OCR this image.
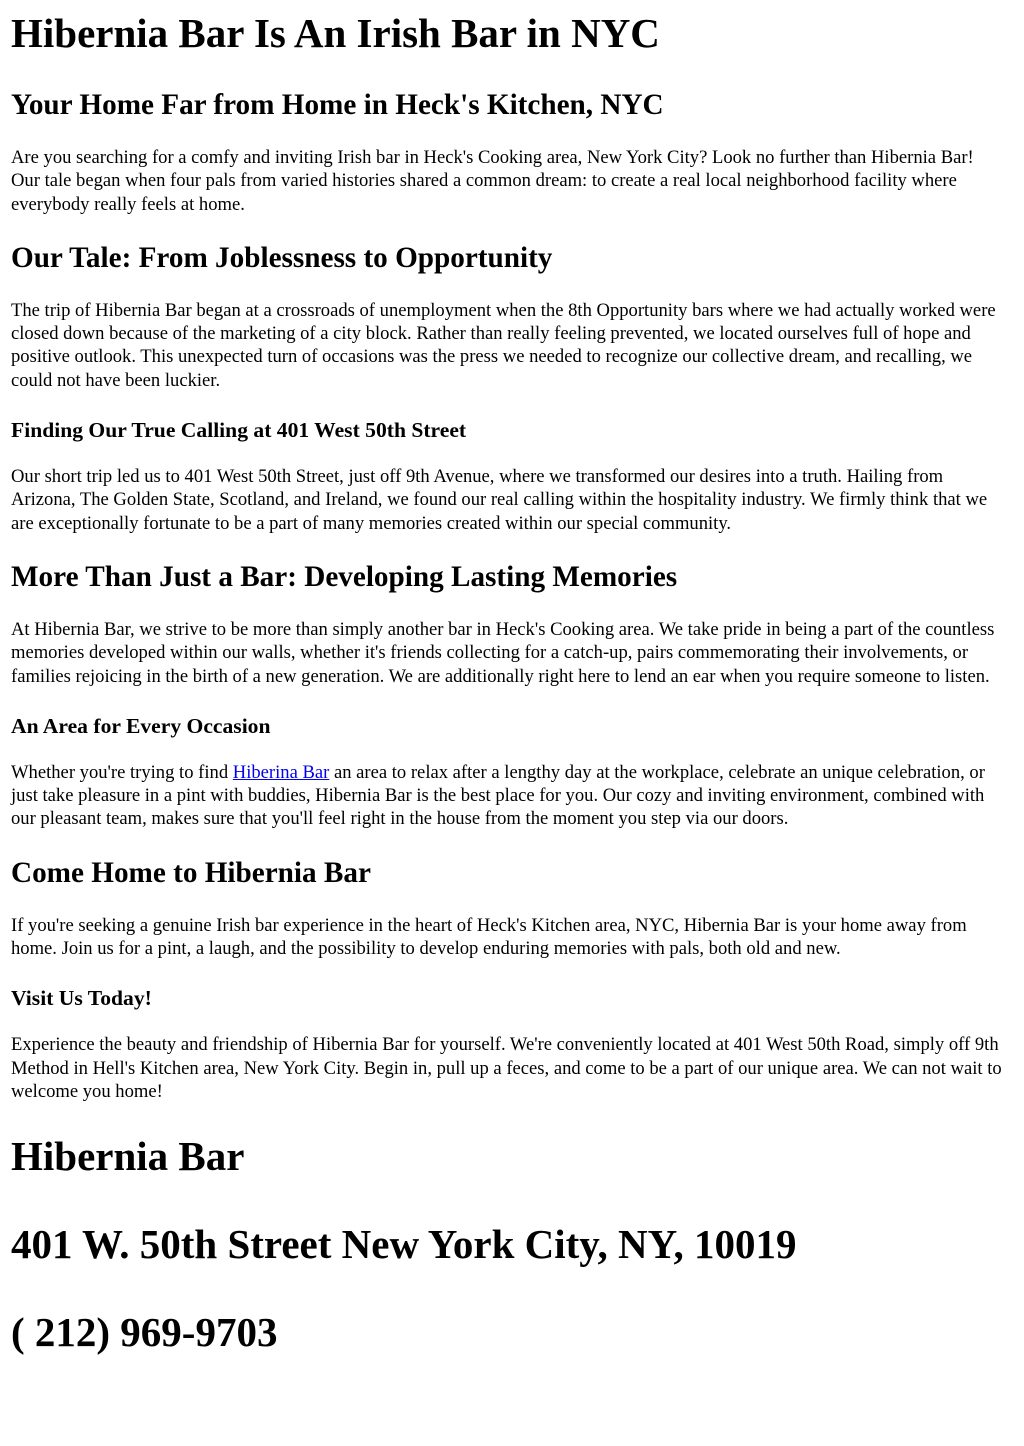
Hibernia Bar Is An Irish Bar in NYC
Your Home Far from Home in Heck's Kitchen, NYC

Are you searching for a comfy and inviting Irish bar in Heck's Cooking area, New York City? Look no further than Hibernia Bar! Our tale began when four pals from varied histories shared a common dream: to create a real local neighborhood facility where everybody really feels at home.

Our Tale: From Joblessness to Opportunity

The trip of Hibernia Bar began at a crossroads of unemployment when the 8th Opportunity bars where we had actually worked were closed down because of the marketing of a city block. Rather than really feeling prevented, we located ourselves full of hope and positive outlook. This unexpected turn of occasions was the press we needed to recognize our collective dream, and recalling, we could not have been luckier.

Finding Our True Calling at 401 West 50th Street

Our short trip led us to 401 West 50th Street, just off 9th Avenue, where we transformed our desires into a truth. Hailing from Arizona, The Golden State, Scotland, and Ireland, we found our real calling within the hospitality industry. We firmly think that we are exceptionally fortunate to be a part of many memories created within our special community.

More Than Just a Bar: Developing Lasting Memories

At Hibernia Bar, we strive to be more than simply another bar in Heck's Cooking area. We take pride in being a part of the countless memories developed within our walls, whether it's friends collecting for a catch-up, pairs commemorating their involvements, or families rejoicing in the birth of a new generation. We are additionally right here to lend an ear when you require someone to listen.

An Area for Every Occasion

Whether you're trying to find Hiberina Bar an area to relax after a lengthy day at the workplace, celebrate an unique celebration, or just take pleasure in a pint with buddies, Hibernia Bar is the best place for you. Our cozy and inviting environment, combined with our pleasant team, makes sure that you'll feel right in the house from the moment you step via our doors.

Come Home to Hibernia Bar

If you're seeking a genuine Irish bar experience in the heart of Heck's Kitchen area, NYC, Hibernia Bar is your home away from home. Join us for a pint, a laugh, and the possibility to develop enduring memories with pals, both old and new.

Visit Us Today!

Experience the beauty and friendship of Hibernia Bar for yourself. We're conveniently located at 401 West 50th Road, simply off 9th Method in Hell's Kitchen area, New York City. Begin in, pull up a feces, and come to be a part of our unique area. We can not wait to welcome you home!

Hibernia Bar
401 W. 50th Street New York City, NY, 10019
( 212) 969-9703
